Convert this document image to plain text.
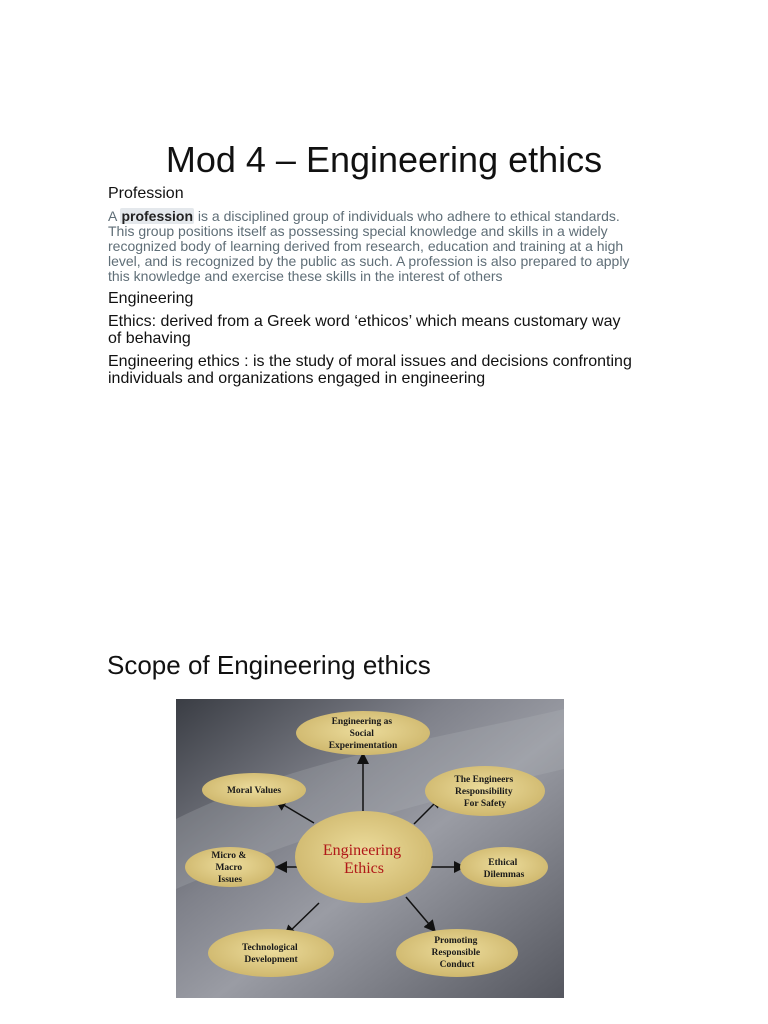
Mod 4 – Engineering ethics

Profession

A profession is a disciplined group of individuals who adhere to ethical standards. This group positions itself as possessing special knowledge and skills in a widely recognized body of learning derived from research, education and training at a high level, and is recognized by the public as such. A profession is also prepared to apply this knowledge and exercise these skills in the interest of others

Engineering

Ethics: derived from a Greek word ‘ethicos’ which means customary way of behaving

Engineering ethics : is the study of moral issues and decisions confronting individuals and organizations engaged in engineering

Scope of Engineering ethics
Engineering as Social Experimentation
The Engineers Responsibility For Safety
Ethical Dilemmas
Promoting Responsible Conduct
Technological Development
Micro & Macro Issues
Moral Values
Engineering Ethics
